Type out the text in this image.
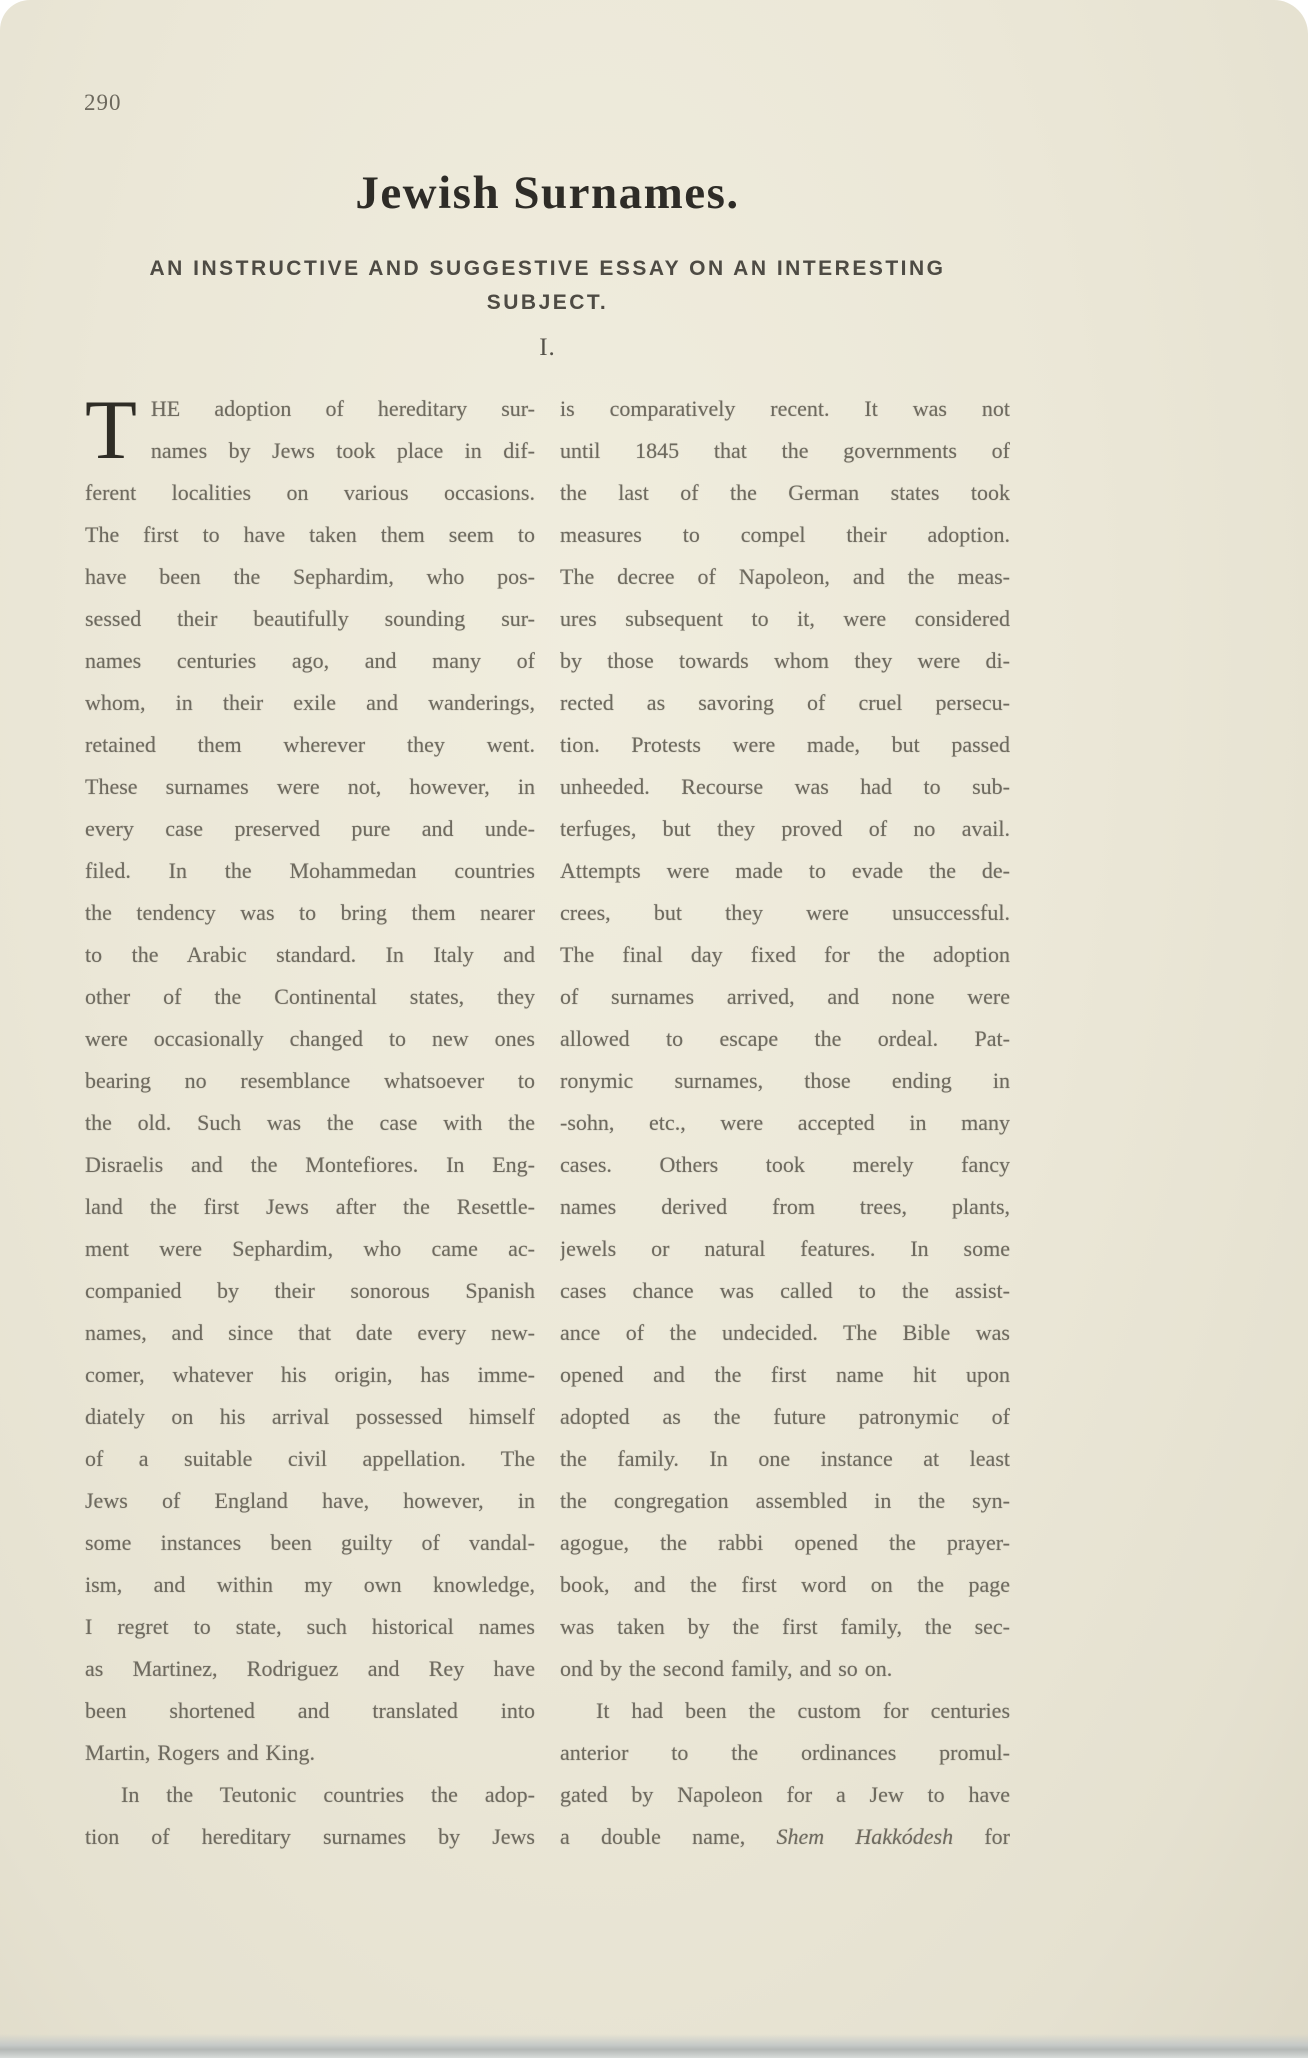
290
Jewish Surnames.
AN INSTRUCTIVE AND SUGGESTIVE ESSAY ON AN INTERESTING
SUBJECT.
I.
T HE adoption of hereditary sur-
names by Jews took place in dif-
ferent localities on various occasions.
The first to have taken them seem to
have been the Sephardim, who pos-
sessed their beautifully sounding sur-
names centuries ago, and many of
whom, in their exile and wanderings,
retained them wherever they went.
These surnames were not, however, in
every case preserved pure and unde-
filed. In the Mohammedan countries
the tendency was to bring them nearer
to the Arabic standard. In Italy and
other of the Continental states, they
were occasionally changed to new ones
bearing no resemblance whatsoever to
the old. Such was the case with the
Disraelis and the Montefiores. In Eng-
land the first Jews after the Resettle-
ment were Sephardim, who came ac-
companied by their sonorous Spanish
names, and since that date every new-
comer, whatever his origin, has imme-
diately on his arrival possessed himself
of a suitable civil appellation. The
Jews of England have, however, in
some instances been guilty of vandal-
ism, and within my own knowledge,
I regret to state, such historical names
as Martinez, Rodriguez and Rey have
been shortened and translated into
Martin, Rogers and King.
In the Teutonic countries the adop-
tion of hereditary surnames by Jews
is comparatively recent. It was not
until 1845 that the governments of
the last of the German states took
measures to compel their adoption.
The decree of Napoleon, and the meas-
ures subsequent to it, were considered
by those towards whom they were di-
rected as savoring of cruel persecu-
tion. Protests were made, but passed
unheeded. Recourse was had to sub-
terfuges, but they proved of no avail.
Attempts were made to evade the de-
crees, but they were unsuccessful.
The final day fixed for the adoption
of surnames arrived, and none were
allowed to escape the ordeal. Pat-
ronymic surnames, those ending in
-sohn, etc., were accepted in many
cases. Others took merely fancy
names derived from trees, plants,
jewels or natural features. In some
cases chance was called to the assist-
ance of the undecided. The Bible was
opened and the first name hit upon
adopted as the future patronymic of
the family. In one instance at least
the congregation assembled in the syn-
agogue, the rabbi opened the prayer-
book, and the first word on the page
was taken by the first family, the sec-
ond by the second family, and so on.
It had been the custom for centuries
anterior to the ordinances promul-
gated by Napoleon for a Jew to have
a double name, Shem Hakkódesh for
